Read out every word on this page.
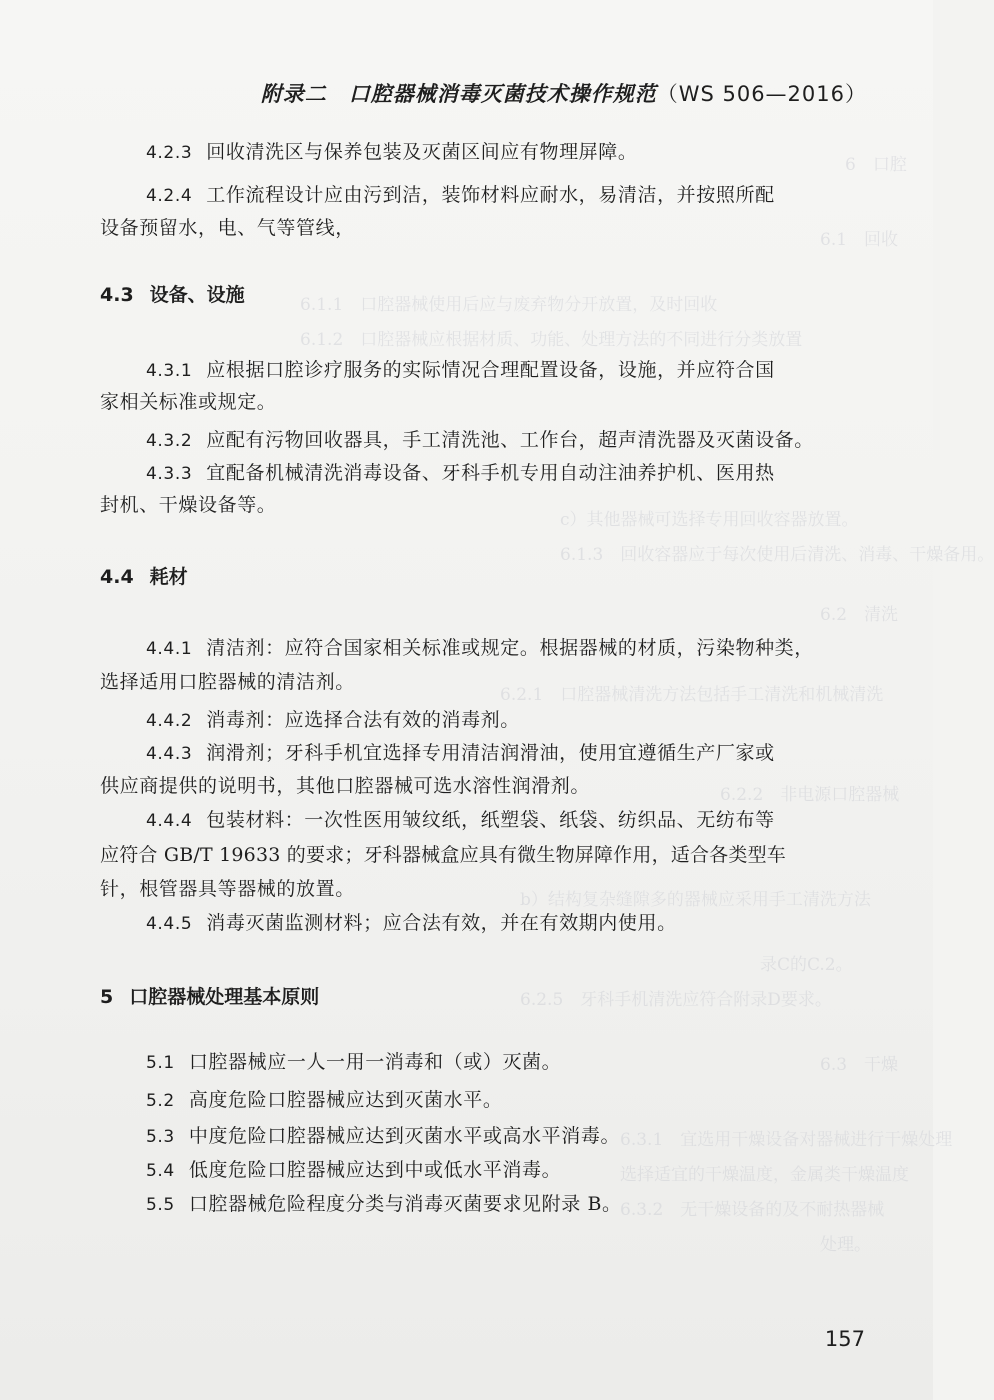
6　口腔
6.1　回收
6.1.1　口腔器械使用后应与废弃物分开放置，及时回收
6.1.2　口腔器械应根据材质、功能、处理方法的不同进行分类放置
c）其他器械可选择专用回收容器放置。
6.1.3　回收容器应于每次使用后清洗、消毒、干燥备用。
6.2　清洗
6.2.1　口腔器械清洗方法包括手工清洗和机械清洗
6.2.2　非电源口腔器械
b）结构复杂缝隙多的器械应采用手工清洗方法
录C的C.2。
6.2.5　牙科手机清洗应符合附录D要求。
6.3　干燥
6.3.1　宜选用干燥设备对器械进行干燥处理
选择适宜的干燥温度，金属类干燥温度
6.3.2　无干燥设备的及不耐热器械
处理。
附录二　口腔器械消毒灭菌技术操作规范（WS 506—2016）
4.2.3 回收清洗区与保养包装及灭菌区间应有物理屏障。
4.2.4 工作流程设计应由污到洁，装饰材料应耐水，易清洁，并按照所配
设备预留水，电、气等管线，
4.3 设备、设施
4.3.1 应根据口腔诊疗服务的实际情况合理配置设备，设施，并应符合国
家相关标准或规定。
4.3.2 应配有污物回收器具，手工清洗池、工作台，超声清洗器及灭菌设备。
4.3.3 宜配备机械清洗消毒设备、牙科手机专用自动注油养护机、医用热
封机、干燥设备等。
4.4 耗材
4.4.1 清洁剂：应符合国家相关标准或规定。根据器械的材质，污染物种类，
选择适用口腔器械的清洁剂。
4.4.2 消毒剂：应选择合法有效的消毒剂。
4.4.3 润滑剂；牙科手机宜选择专用清洁润滑油，使用宜遵循生产厂家或
供应商提供的说明书，其他口腔器械可选水溶性润滑剂。
4.4.4 包装材料：一次性医用皱纹纸，纸塑袋、纸袋、纺织品、无纺布等
应符合 GB/T 19633 的要求；牙科器械盒应具有微生物屏障作用，适合各类型车
针，根管器具等器械的放置。
4.4.5 消毒灭菌监测材料；应合法有效，并在有效期内使用。
5 口腔器械处理基本原则
5.1 口腔器械应一人一用一消毒和（或）灭菌。
5.2 高度危险口腔器械应达到灭菌水平。
5.3 中度危险口腔器械应达到灭菌水平或高水平消毒。
5.4 低度危险口腔器械应达到中或低水平消毒。
5.5 口腔器械危险程度分类与消毒灭菌要求见附录 B。
157
